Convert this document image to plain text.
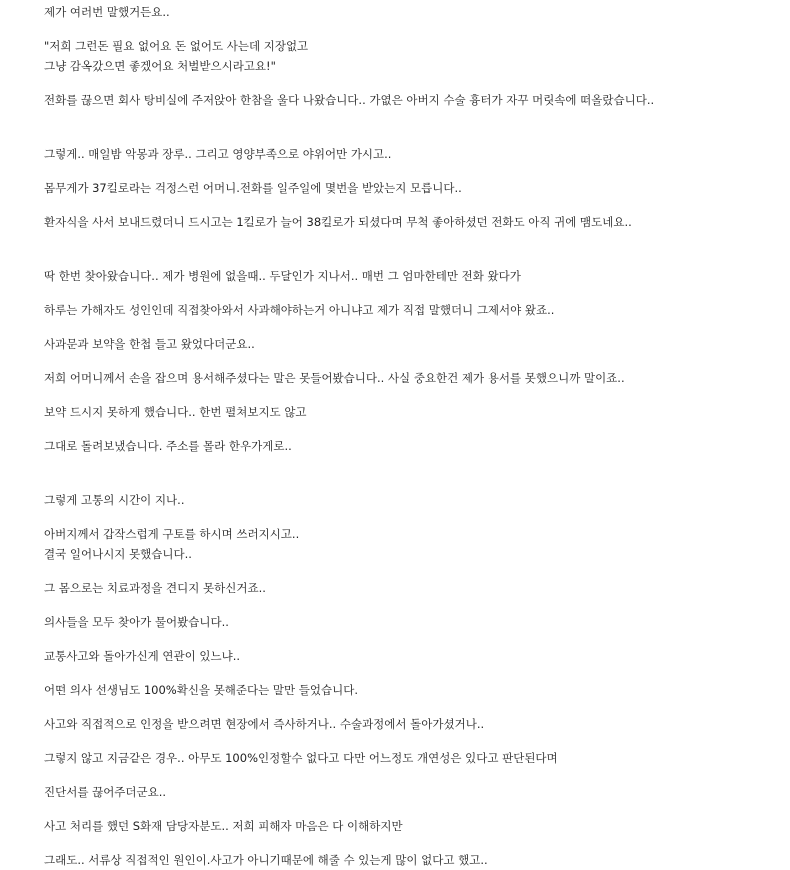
제가 여러번 말했거든요..
"저희 그런돈 필요 없어요 돈 없어도 사는데 지장없고
그냥 감옥갔으면 좋겠어요 처벌받으시라고요!"
전화를 끊으면 회사 탕비실에 주저앉아 한참을 울다 나왔습니다.. 가엾은 아버지 수술 흉터가 자꾸 머릿속에 떠올랐습니다..
그렇게.. 매일밤 악몽과 장루.. 그리고 영양부족으로 야위어만 가시고..
몸무게가 37킬로라는 걱정스런 어머니.전화를 일주일에 몇번을 받았는지 모릅니다..
환자식을 사서 보내드렸더니 드시고는 1킬로가 늘어 38킬로가 되셨다며 무척 좋아하셨던 전화도 아직 귀에 맴도네요..
딱 한번 찾아왔습니다.. 제가 병원에 없을때.. 두달인가 지나서.. 매번 그 엄마한테만 전화 왔다가
하루는 가해자도 성인인데 직접찾아와서 사과해야하는거 아니냐고 제가 직접 말했더니 그제서야 왔죠..
사과문과 보약을 한첩 들고 왔었다더군요..
저희 어머니께서 손을 잡으며 용서해주셨다는 말은 못들어봤습니다.. 사실 중요한건 제가 용서를 못했으니까 말이죠..
보약 드시지 못하게 했습니다.. 한번 펼쳐보지도 않고
그대로 돌려보냈습니다. 주소를 몰라 한우가게로..
그렇게 고통의 시간이 지나..
아버지께서 갑작스럽게 구토를 하시며 쓰러지시고..
결국 일어나시지 못했습니다..
그 몸으로는 치료과정을 견디지 못하신거죠..
의사들을 모두 찾아가 물어봤습니다..
교통사고와 돌아가신게 연관이 있느냐..
어떤 의사 선생님도 100%확신을 못해준다는 말만 들었습니다.
사고와 직접적으로 인정을 받으려면 현장에서 즉사하거나.. 수술과정에서 돌아가셨거나..
그렇지 않고 지금같은 경우.. 아무도 100%인정할수 없다고 다만 어느정도 개연성은 있다고 판단된다며
진단서를 끊어주더군요..
사고 처리를 했던 S화재 담당자분도.. 저희 피해자 마음은 다 이해하지만
그래도.. 서류상 직접적인 원인이.사고가 아니기때문에 해줄 수 있는게 많이 없다고 했고..
